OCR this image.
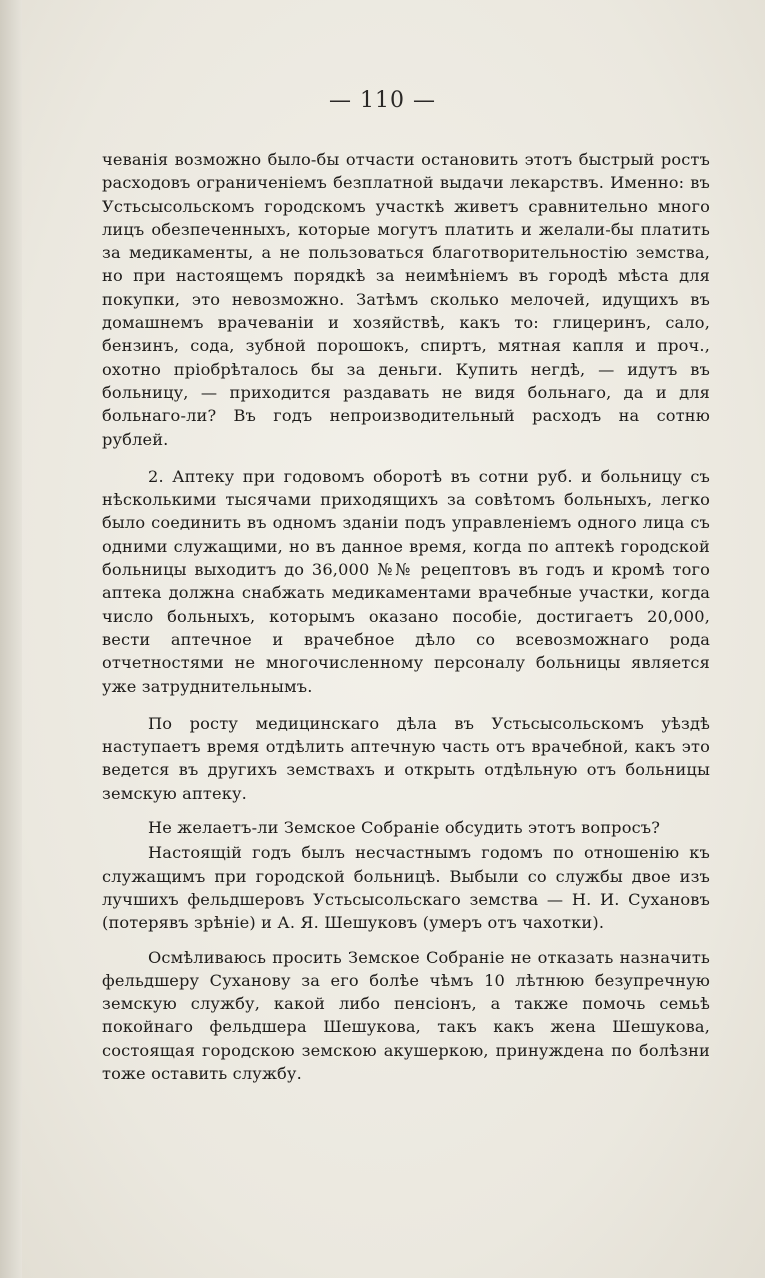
— 110 —

чеванія возможно было-бы отчасти остановить этотъ быстрый ростъ расходовъ ограниченіемъ безплатной выдачи лекарствъ. Именно: въ Устьсысольскомъ городскомъ участкѣ живетъ сравнительно много лицъ обезпеченныхъ, которые могутъ платить и желали-бы платить за медикаменты, а не пользоваться благотворительностію земства, но при настоящемъ порядкѣ за неимѣніемъ въ городѣ мѣста для покупки, это невозможно. Затѣмъ сколько мелочей, идущихъ въ домашнемъ врачеваніи и хозяйствѣ, какъ то: глицеринъ, сало, бензинъ, сода, зубной порошокъ, спиртъ, мятная капля и проч., охотно пріобрѣталось бы за деньги. Купить негдѣ, — идутъ въ больницу, — приходится раздавать не видя больнаго, да и для больнаго-ли? Въ годъ непроизводительный расходъ на сотню рублей.

2. Аптеку при годовомъ оборотѣ въ сотни руб. и больницу съ нѣсколькими тысячами приходящихъ за совѣтомъ больныхъ, легко было соединить въ одномъ зданіи подъ управленіемъ одного лица съ одними служащими, но въ данное время, когда по аптекѣ городской больницы выходитъ до 36,000 №№ рецептовъ въ годъ и кромѣ того аптека должна снабжать медикаментами врачебные участки, когда число больныхъ, которымъ оказано пособіе, достигаетъ 20,000, вести аптечное и врачебное дѣло со всевозможнаго рода отчетностями не многочисленному персоналу больницы является уже затруднительнымъ.

По росту медицинскаго дѣла въ Устьсысольскомъ уѣздѣ наступаетъ время отдѣлить аптечную часть отъ врачебной, какъ это ведется въ другихъ земствахъ и открыть отдѣльную отъ больницы земскую аптеку.

Не желаетъ-ли Земское Собраніе обсудить этотъ вопросъ?

Настоящій годъ былъ несчастнымъ годомъ по отношенію къ служащимъ при городской больницѣ. Выбыли со службы двое изъ лучшихъ фельдшеровъ Устьсысольскаго земства — Н. И. Сухановъ (потерявъ зрѣніе) и А. Я. Шешуковъ (умеръ отъ чахотки).

Осмѣливаюсь просить Земское Собраніе не отказать назначить фельдшеру Суханову за его болѣе чѣмъ 10 лѣтнюю безупречную земскую службу, какой либо пенсіонъ, а также помочь семьѣ покойнаго фельдшера Шешукова, такъ какъ жена Шешукова, состоящая городскою земскою акушеркою, принуждена по болѣзни тоже оставить службу.
